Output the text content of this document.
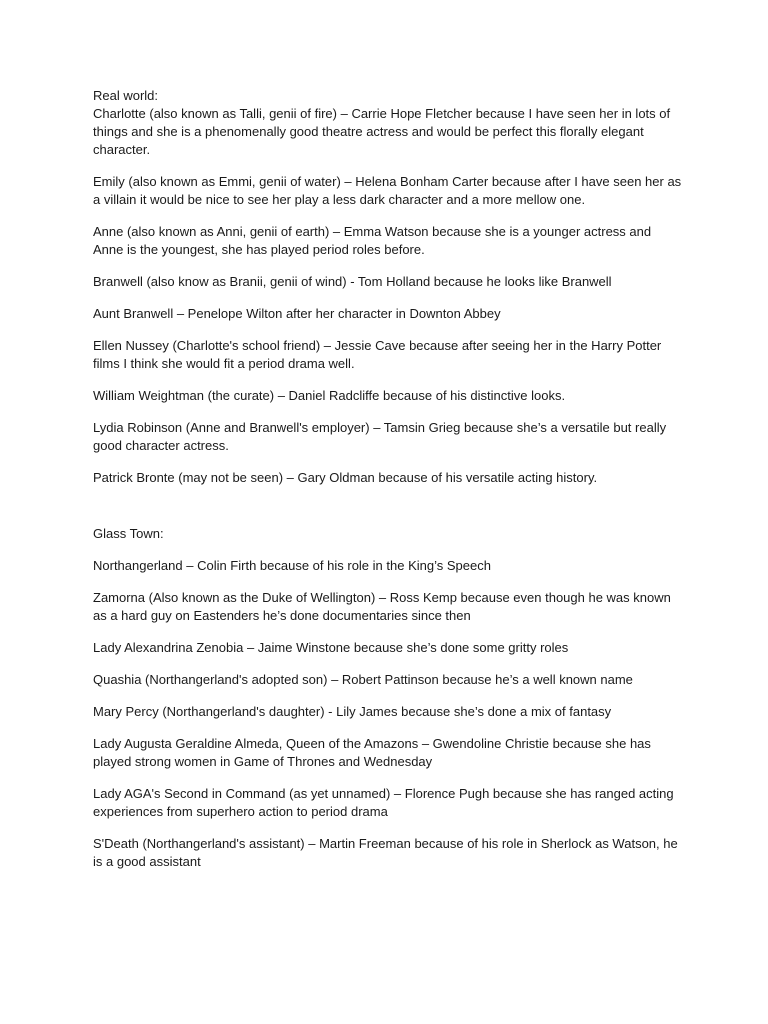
Real world:

Charlotte (also known as Talli, genii of fire) – Carrie Hope Fletcher because I have seen her in lots of things and she is a phenomenally good theatre actress and would be perfect this florally elegant character.

Emily (also known as Emmi, genii of water) – Helena Bonham Carter because after I have seen her as a villain it would be nice to see her play a less dark character and a more mellow one.

Anne (also known as Anni, genii of earth) – Emma Watson because she is a younger actress and Anne is the youngest, she has played period roles before.

Branwell (also know as Branii, genii of wind) - Tom Holland because he looks like Branwell

Aunt Branwell – Penelope Wilton after her character in Downton Abbey

Ellen Nussey (Charlotte's school friend) – Jessie Cave because after seeing her in the Harry Potter films I think she would fit a period drama well.

William Weightman (the curate) – Daniel Radcliffe because of his distinctive looks.

Lydia Robinson (Anne and Branwell's employer) – Tamsin Grieg because she’s a versatile but really good character actress.

Patrick Bronte (may not be seen) – Gary Oldman because of his versatile acting history.

Glass Town:

Northangerland – Colin Firth because of his role in the King’s Speech

Zamorna (Also known as the Duke of Wellington) – Ross Kemp because even though he was known as a hard guy on Eastenders he’s done documentaries since then

Lady Alexandrina Zenobia – Jaime Winstone because she’s done some gritty roles

Quashia (Northangerland's adopted son) – Robert Pattinson because he’s a well known name

Mary Percy (Northangerland's daughter) - Lily James because she’s done a mix of fantasy

Lady Augusta Geraldine Almeda, Queen of the Amazons – Gwendoline Christie because she has played strong women in Game of Thrones and Wednesday

Lady AGA's Second in Command (as yet unnamed) – Florence Pugh because she has ranged acting experiences from superhero action to period drama

S'Death (Northangerland's assistant) – Martin Freeman because of his role in Sherlock as Watson, he is a good assistant
